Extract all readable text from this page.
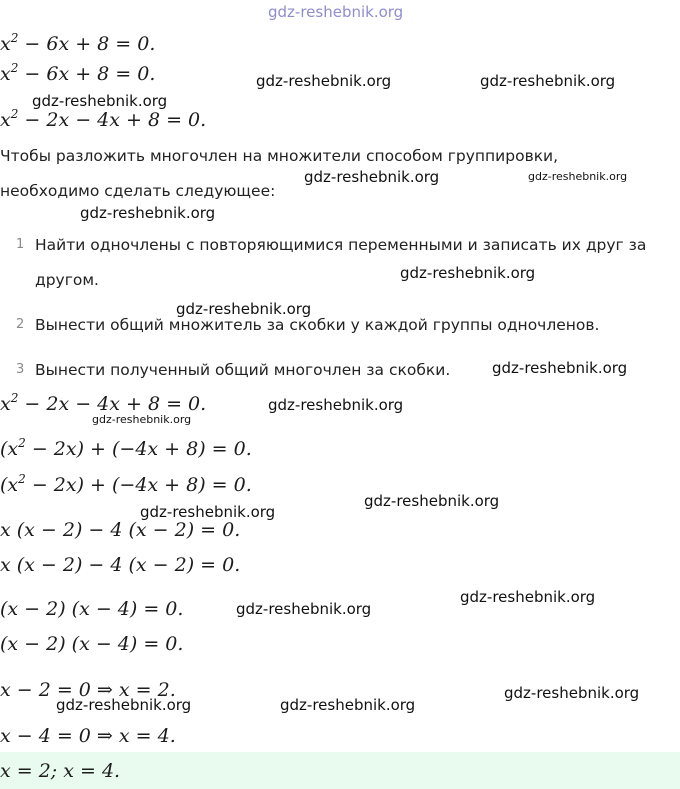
gdz-reshebnik.org
$x^2 - 6x + 8 = 0$.
$x^2 - 6x + 8 = 0$.
$x^2 - 2x - 4x + 8 = 0$.
Чтобы разложить многочлен на множители способом группировки,
необходимо сделать следующее:
1 Найти одночлены с повторяющимися переменными и записать их друг за
другом.
2 Вынести общий множитель за скобки у каждой группы одночленов.
3 Вынести полученный общий многочлен за скобки.
$x^2 - 2x - 4x + 8 = 0$.
$(x^2 - 2x) + (-4x + 8) = 0$.
$(x^2 - 2x) + (-4x + 8) = 0$.
x (x − 2) − 4 (x − 2) = 0.
x (x − 2) − 4 (x − 2) = 0.
(x − 2) (x − 4) = 0.
(x − 2) (x − 4) = 0.
x − 2 = 0 ⇒ x = 2.
x − 4 = 0 ⇒ x = 4.
x = 2; x = 4.
gdz-reshebnik.org	gdz-reshebnik.org
gdz-reshebnik.org
gdz-reshebnik.org	gdz-reshebnik.org
gdz-reshebnik.org
gdz-reshebnik.org
gdz-reshebnik.org
gdz-reshebnik.org
gdz-reshebnik.org
gdz-reshebnik.org
gdz-reshebnik.org
gdz-reshebnik.org
gdz-reshebnik.org
gdz-reshebnik.org
gdz-reshebnik.org
gdz-reshebnik.org	gdz-reshebnik.org
